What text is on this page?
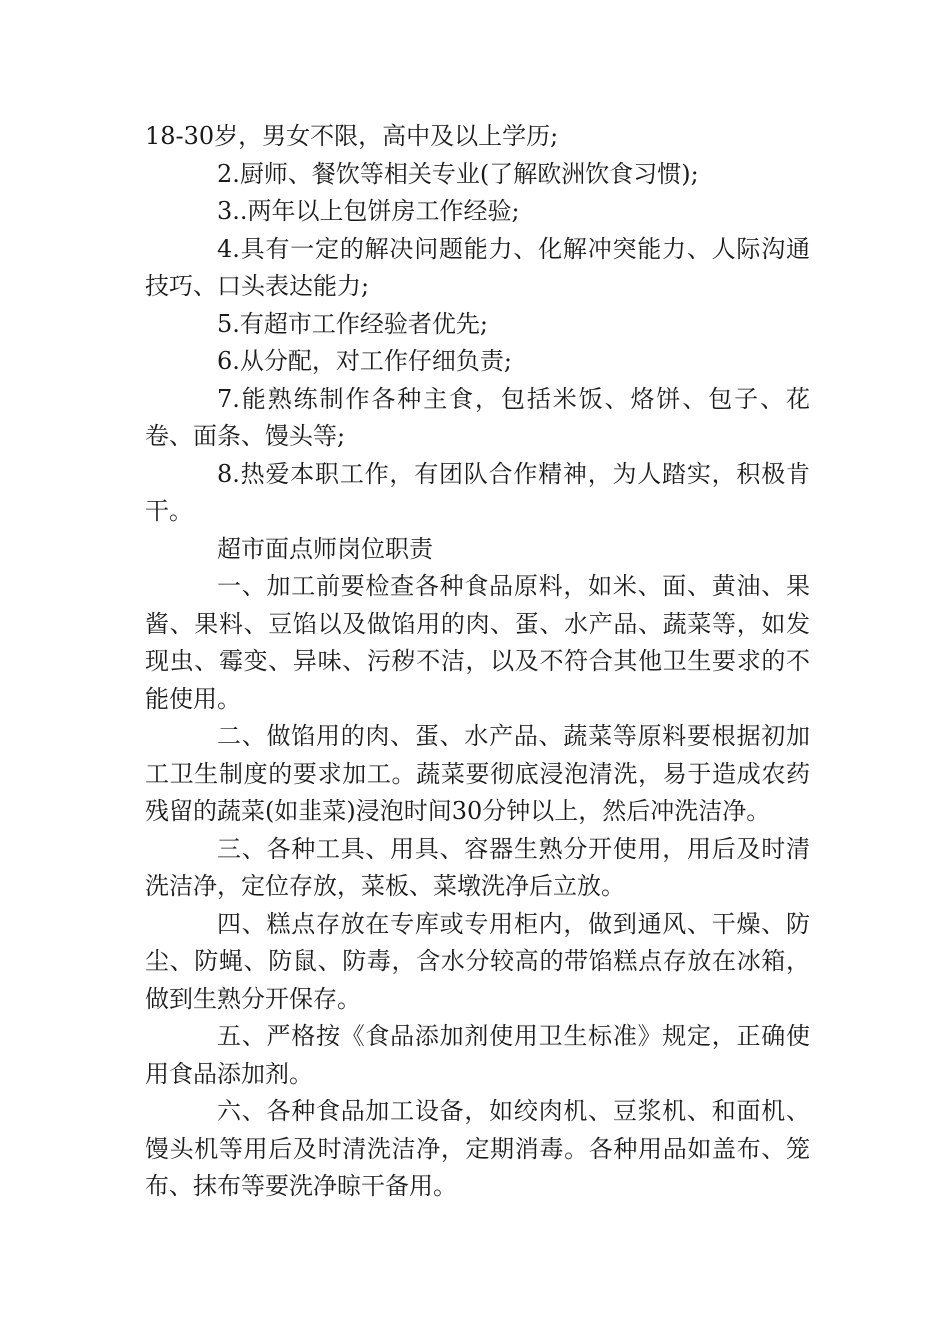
18-30岁，男女不限，高中及以上学历;

2.厨师、餐饮等相关专业(了解欧洲饮食习惯);

3..两年以上包饼房工作经验;

4.具有一定的解决问题能力、化解冲突能力、人际沟通技巧、口头表达能力;

5.有超市工作经验者优先;

6.从分配，对工作仔细负责;

7.能熟练制作各种主食，包括米饭、烙饼、包子、花卷、面条、馒头等;

8.热爱本职工作，有团队合作精神，为人踏实，积极肯干。

超市面点师岗位职责

一、加工前要检查各种食品原料，如米、面、黄油、果酱、果料、豆馅以及做馅用的肉、蛋、水产品、蔬菜等，如发现虫、霉变、异味、污秽不洁，以及不符合其他卫生要求的不能使用。

二、做馅用的肉、蛋、水产品、蔬菜等原料要根据初加工卫生制度的要求加工。蔬菜要彻底浸泡清洗，易于造成农药残留的蔬菜(如韭菜)浸泡时间30分钟以上，然后冲洗洁净。

三、各种工具、用具、容器生熟分开使用，用后及时清洗洁净，定位存放，菜板、菜墩洗净后立放。

四、糕点存放在专库或专用柜内，做到通风、干燥、防尘、防蝇、防鼠、防毒，含水分较高的带馅糕点存放在冰箱，做到生熟分开保存。

五、严格按《食品添加剂使用卫生标准》规定，正确使用食品添加剂。

六、各种食品加工设备，如绞肉机、豆浆机、和面机、馒头机等用后及时清洗洁净，定期消毒。各种用品如盖布、笼布、抹布等要洗净晾干备用。
